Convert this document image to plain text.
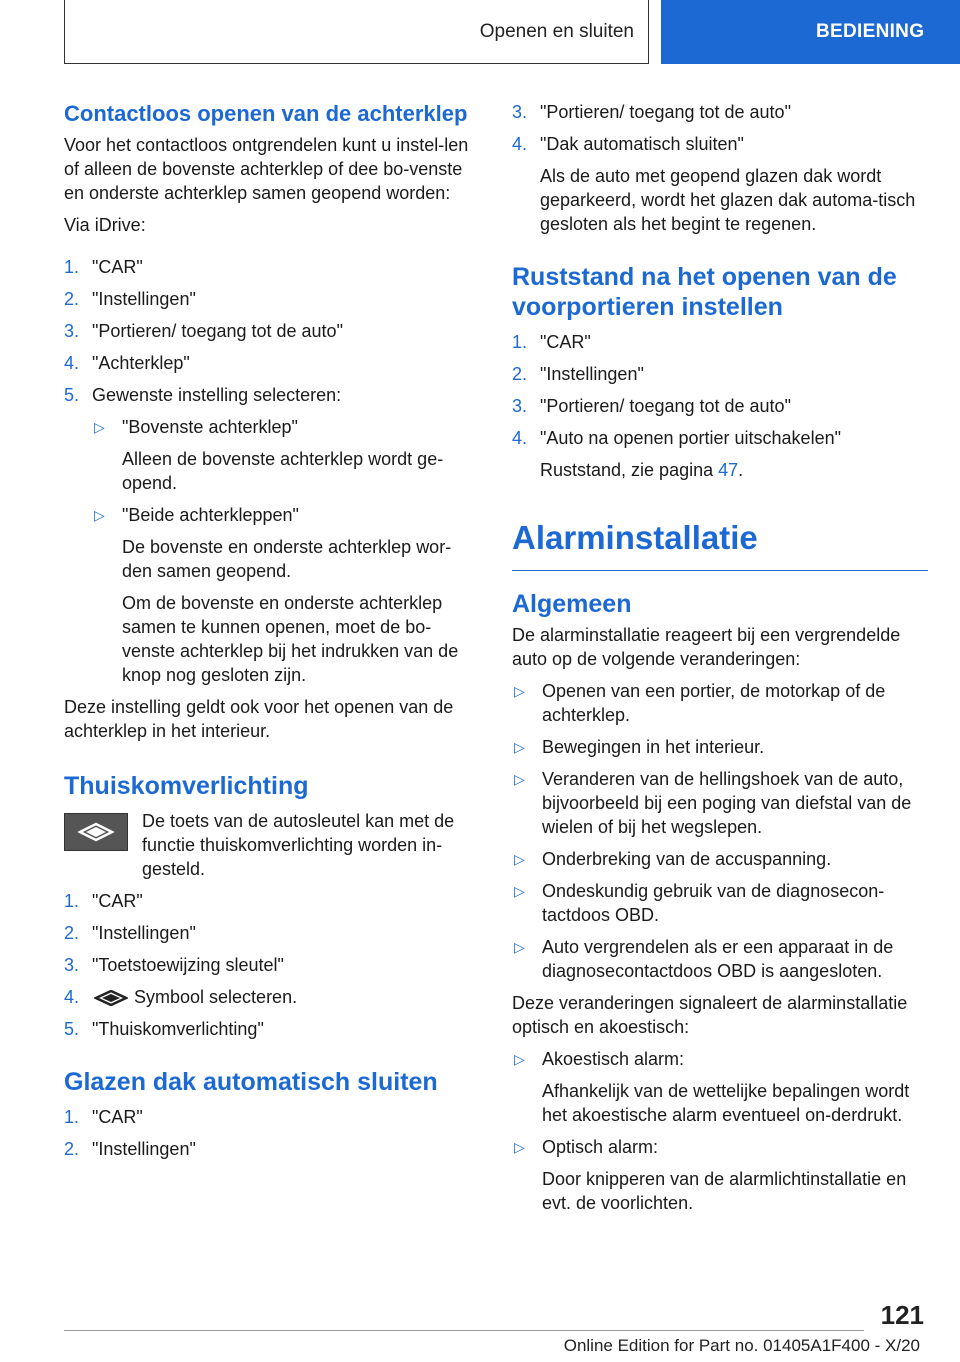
Openen en sluiten	BEDIENING
Contactloos openen van de achterklep

Voor het contactloos ontgrendelen kunt u instel-len of alleen de bovenste achterklep of dee bo-venste en onderste achterklep samen geopend worden:

Via iDrive:

1. "CAR"
2. "Instellingen"
3. "Portieren/ toegang tot de auto"
4. "Achterklep"
5. Gewenste instelling selecteren:
▷ "Bovenste achterklep"
Alleen de bovenste achterklep wordt ge-opend.
▷ "Beide achterkleppen"
De bovenste en onderste achterklep wor-den samen geopend.
Om de bovenste en onderste achterklep samen te kunnen openen, moet de bo-venste achterklep bij het indrukken van de knop nog gesloten zijn.

Deze instelling geldt ook voor het openen van de achterklep in het interieur.

Thuiskomverlichting
De toets van de autosleutel kan met de functie thuiskomverlichting worden in-gesteld.
1. "CAR"
2. "Instellingen"
3. "Toetstoewijzing sleutel"
4.	Symbool selecteren.
5. "Thuiskomverlichting"
Glazen dak automatisch sluiten
1. "CAR"
2. "Instellingen"
3. "Portieren/ toegang tot de auto"
4. "Dak automatisch sluiten"
Als de auto met geopend glazen dak wordt geparkeerd, wordt het glazen dak automa-tisch gesloten als het begint te regenen.
Ruststand na het openen van de voorportieren instellen
1. "CAR"
2. "Instellingen"
3. "Portieren/ toegang tot de auto"
4. "Auto na openen portier uitschakelen"
Ruststand, zie pagina 47.
Alarminstallatie
Algemeen

De alarminstallatie reageert bij een vergrendelde auto op de volgende veranderingen:

▷ Openen van een portier, de motorkap of de achterklep.
▷ Bewegingen in het interieur.
▷ Veranderen van de hellingshoek van de auto, bijvoorbeeld bij een poging van diefstal van de wielen of bij het wegslepen.
▷ Onderbreking van de accuspanning.
▷ Ondeskundig gebruik van de diagnosecon-tactdoos OBD.
▷ Auto vergrendelen als er een apparaat in de diagnosecontactdoos OBD is aangesloten.

Deze veranderingen signaleert de alarminstallatie optisch en akoestisch:

▷ Akoestisch alarm:
Afhankelijk van de wettelijke bepalingen wordt het akoestische alarm eventueel on-derdrukt.
▷ Optisch alarm:
Door knipperen van de alarmlichtinstallatie en evt. de voorlichten.
121
Online Edition for Part no. 01405A1F400 - X/20
